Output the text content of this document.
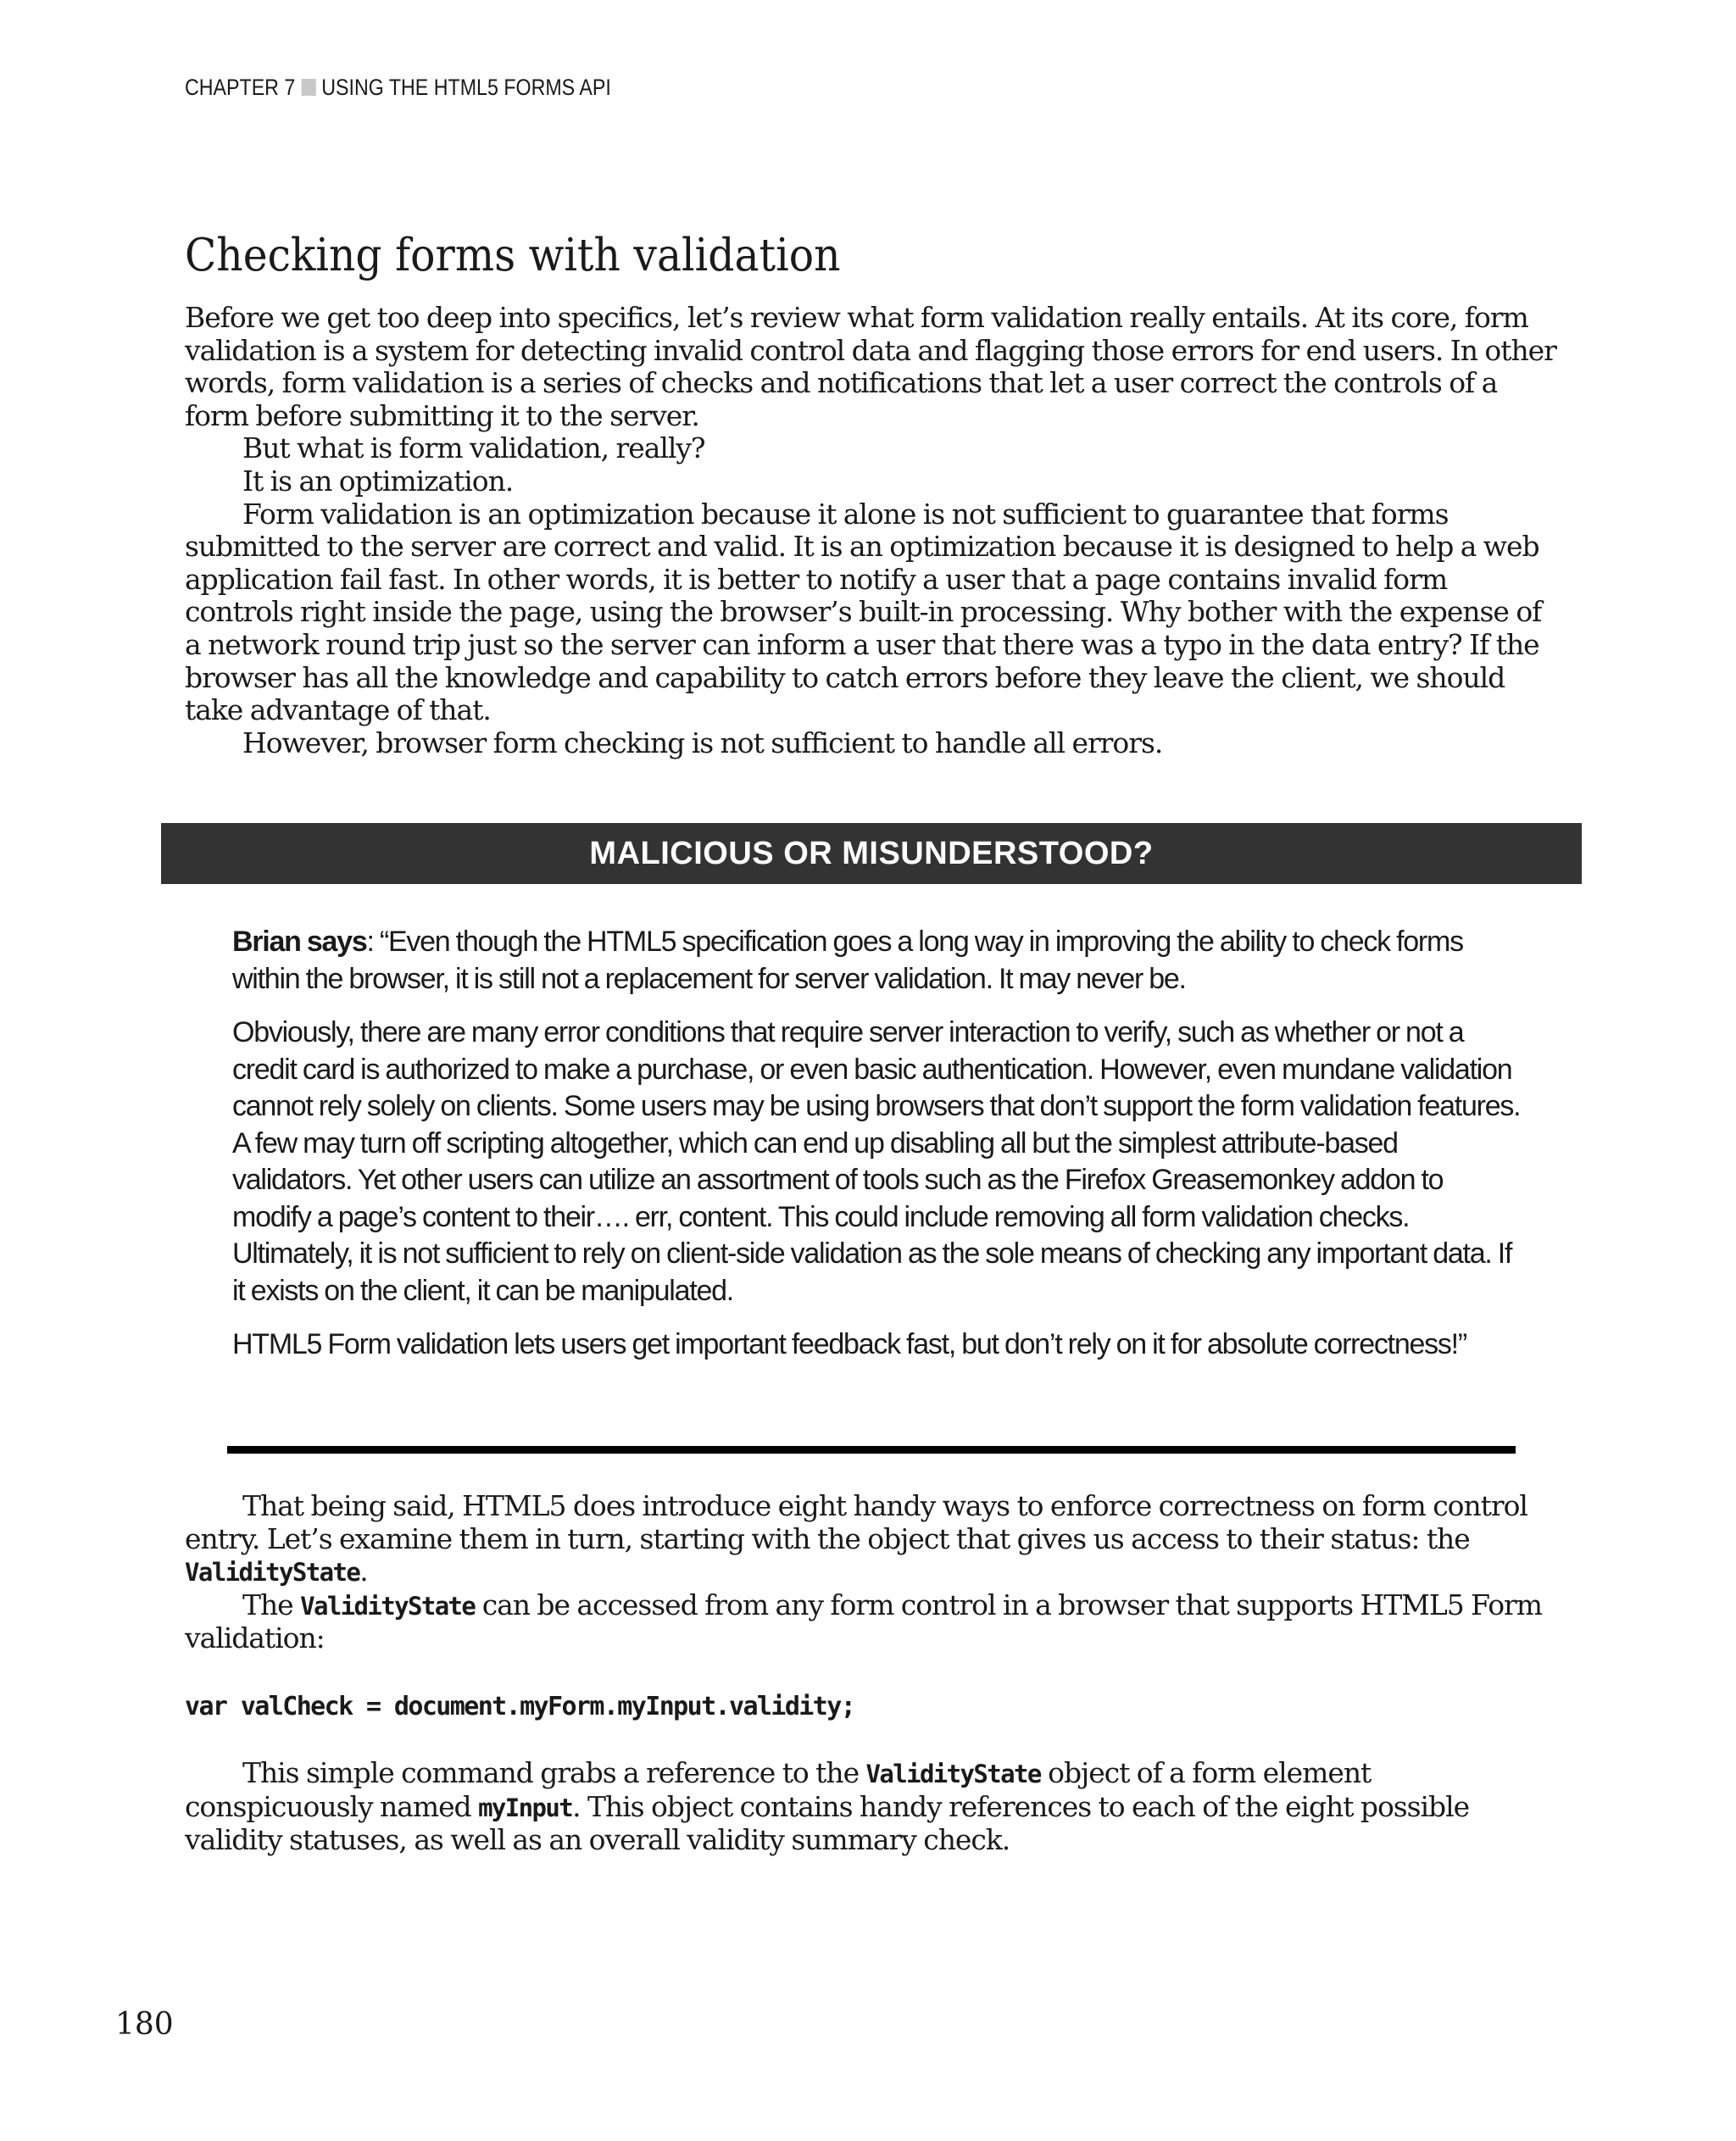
CHAPTER 7 USING THE HTML5 FORMS API
Checking forms with validation

Before we get too deep into specifics, let’s review what form validation really entails. At its core, form validation is a system for detecting invalid control data and flagging those errors for end users. In other words, form validation is a series of checks and notifications that let a user correct the controls of a form before submitting it to the server.

But what is form validation, really?

It is an optimization.

Form validation is an optimization because it alone is not sufficient to guarantee that forms submitted to the server are correct and valid. It is an optimization because it is designed to help a web application fail fast. In other words, it is better to notify a user that a page contains invalid form controls right inside the page, using the browser’s built-in processing. Why bother with the expense of a network round trip just so the server can inform a user that there was a typo in the data entry? If the browser has all the knowledge and capability to catch errors before they leave the client, we should take advantage of that.

However, browser form checking is not sufficient to handle all errors.

MALICIOUS OR MISUNDERSTOOD?

Brian says: “Even though the HTML5 specification goes a long way in improving the ability to check forms within the browser, it is still not a replacement for server validation. It may never be.

Obviously, there are many error conditions that require server interaction to verify, such as whether or not a credit card is authorized to make a purchase, or even basic authentication. However, even mundane validation cannot rely solely on clients. Some users may be using browsers that don’t support the form validation features. A few may turn off scripting altogether, which can end up disabling all but the simplest attribute-based validators. Yet other users can utilize an assortment of tools such as the Firefox Greasemonkey addon to modify a page’s content to their…. err, content. This could include removing all form validation checks. Ultimately, it is not sufficient to rely on client-side validation as the sole means of checking any important data. If it exists on the client, it can be manipulated.

HTML5 Form validation lets users get important feedback fast, but don’t rely on it for absolute correctness!”

That being said, HTML5 does introduce eight handy ways to enforce correctness on form control entry. Let’s examine them in turn, starting with the object that gives us access to their status: the ValidityState.

The ValidityState can be accessed from any form control in a browser that supports HTML5 Form validation:

var valCheck = document.myForm.myInput.validity;

This simple command grabs a reference to the ValidityState object of a form element conspicuously named myInput. This object contains handy references to each of the eight possible validity statuses, as well as an overall validity summary check.

180
